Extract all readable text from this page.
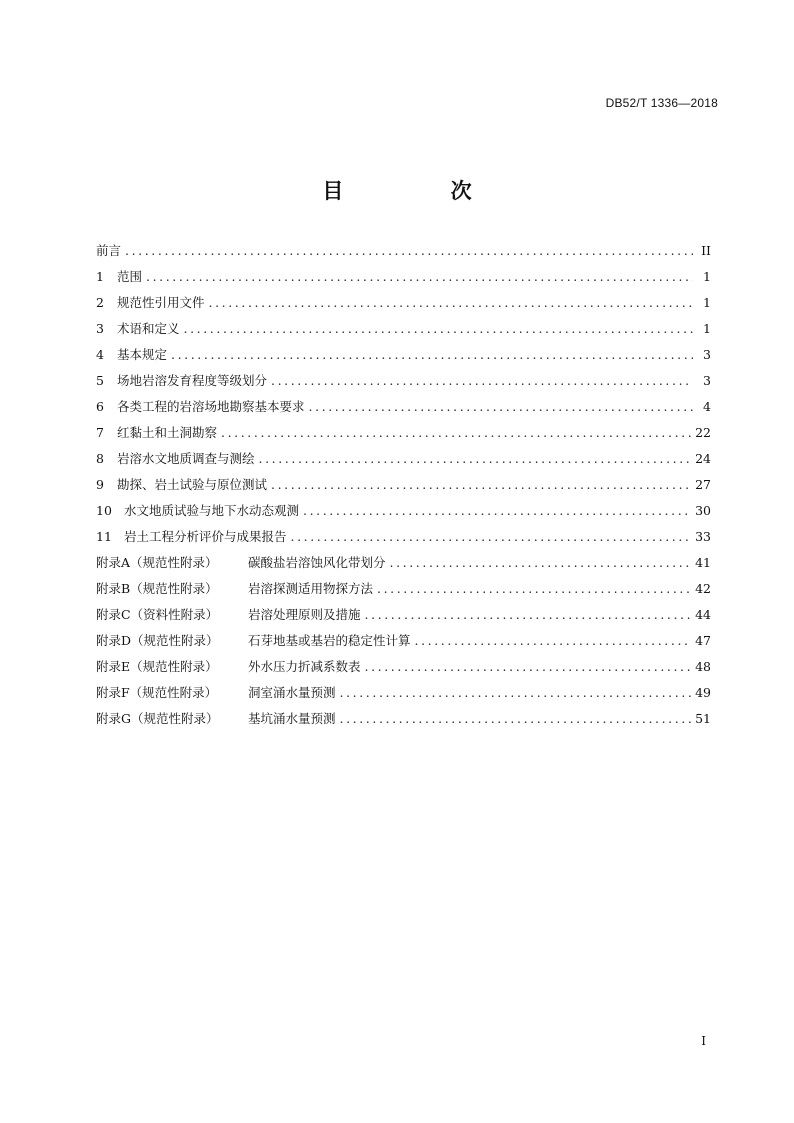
DB52/T 1336—2018
目 次
前言 .....	II
1	范围 .....	1
2	规范性引用文件 .....	1
3	术语和定义 .....	1
4	基本规定 .....	3
5	场地岩溶发育程度等级划分 .....	3
6	各类工程的岩溶场地勘察基本要求 .....	4
7	红黏土和土洞勘察 .....	22
8	岩溶水文地质调查与测绘 .....	24
9	勘探、岩土试验与原位测试 .....	27
10 水文地质试验与地下水动态观测 .....	30
11 岩土工程分析评价与成果报告 .....	33
附录A（规范性附录）	碳酸盐岩溶蚀风化带划分 .....	41
附录B（规范性附录）	岩溶探测适用物探方法 .....	42
附录C（资料性附录）	岩溶处理原则及措施 .....	44
附录D（规范性附录）	石芽地基或基岩的稳定性计算 .....	47
附录E（规范性附录）	外水压力折减系数表 .....	48
附录F（规范性附录）	洞室涌水量预测 .....	49
附录G（规范性附录）	基坑涌水量预测 .....	51
I
